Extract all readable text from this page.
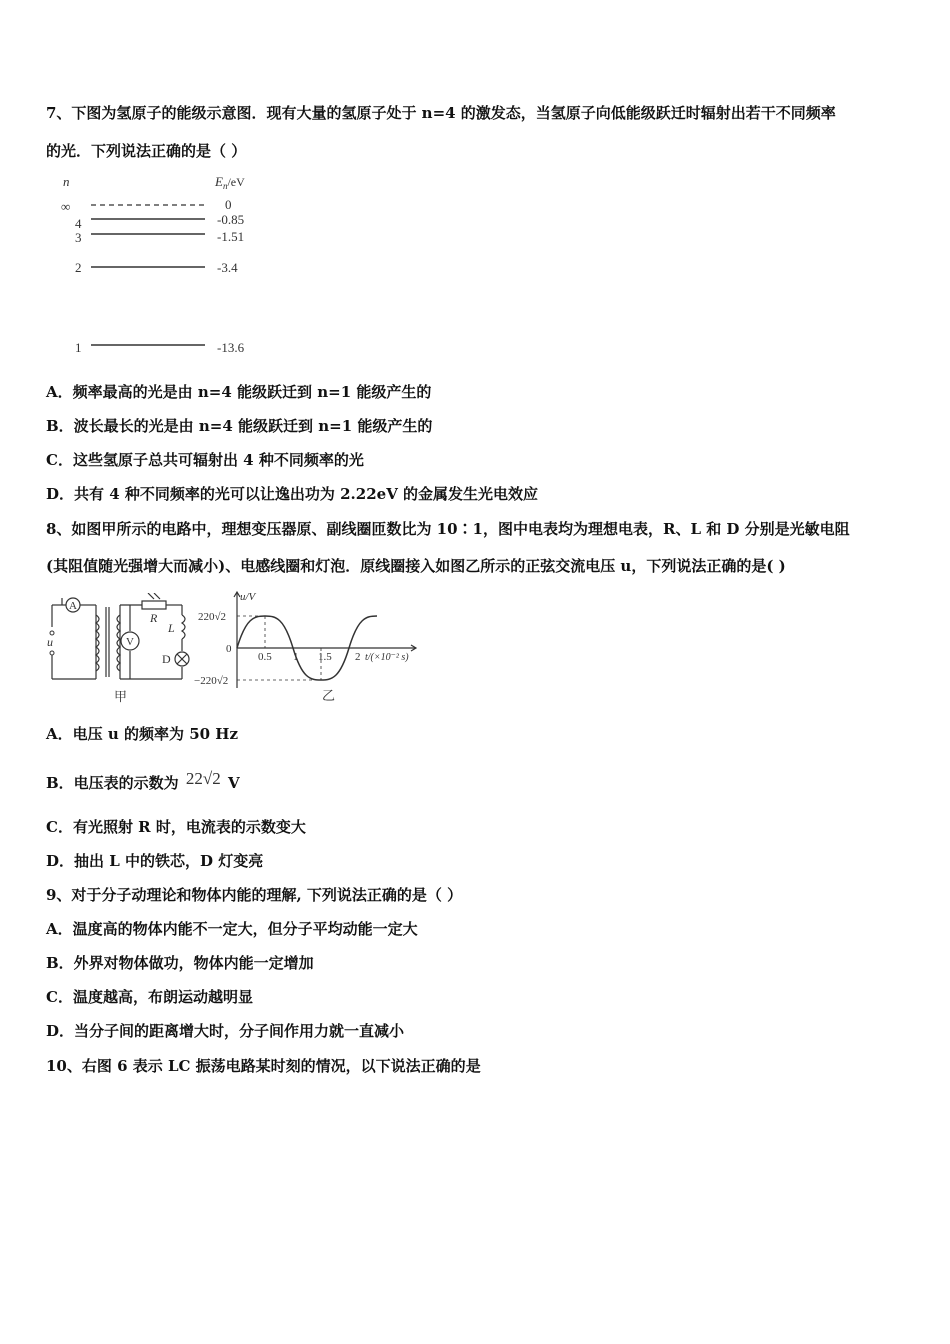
7、下图为氢原子的能级示意图．现有大量的氢原子处于 n=4 的激发态，当氢原子向低能级跃迁时辐射出若干不同频率
的光．下列说法正确的是（ ）
n	$E_n/eV$
∞	0
4	-0.85
3	-1.51
2	-3.4
1	-13.6
A．频率最高的光是由 n=4 能级跃迁到 n=1 能级产生的
B．波长最长的光是由 n=4 能级跃迁到 n=1 能级产生的
C．这些氢原子总共可辐射出 4 种不同频率的光
D．共有 4 种不同频率的光可以让逸出功为 2.22eV 的金属发生光电效应
8、如图甲所示的电路中，理想变压器原、副线圈匝数比为 10∶1，图中电表均为理想电表，R、L 和 D 分别是光敏电阻
(其阻值随光强增大而减小)、电感线圈和灯泡．原线圈接入如图乙所示的正弦交流电压 u，下列说法正确的是( )
A
V
u
R
L
D
甲
u/V
220√2
0
−220√2
0.5 1 1.5 2 t/(×10⁻² s)
乙
A．电压 u 的频率为 50 Hz
B．电压表的示数为 22√2 V
C．有光照射 R 时，电流表的示数变大
D．抽出 L 中的铁芯，D 灯变亮
9、对于分子动理论和物体内能的理解, 下列说法正确的是（ ）
A．温度高的物体内能不一定大，但分子平均动能一定大
B．外界对物体做功，物体内能一定增加
C．温度越高，布朗运动越明显
D．当分子间的距离增大时，分子间作用力就一直减小
10、右图 6 表示 LC 振荡电路某时刻的情况，以下说法正确的是
